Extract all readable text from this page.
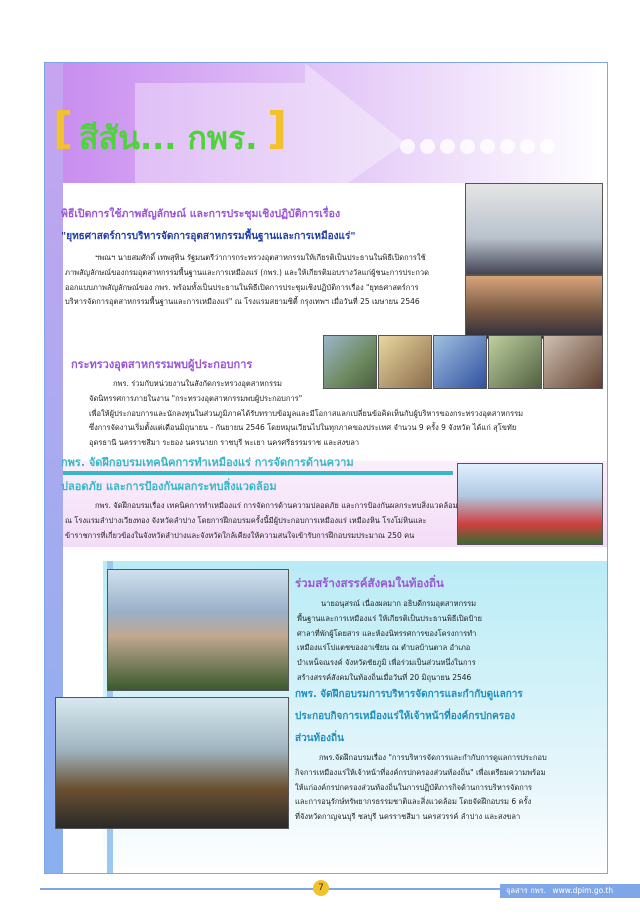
[ สีสัน... กพร. ]
พิธีเปิดการใช้ภาพสัญลักษณ์ และการประชุมเชิงปฏิบัติการเรื่อง
"ยุทธศาสตร์การบริหารจัดการอุตสาหกรรมพื้นฐานและการเหมืองแร่"
ฯพณฯ นายสมศักดิ์ เทพสุทิน รัฐมนตรีว่าการกระทรวงอุตสาหกรรมให้เกียรติเป็นประธานในพิธีเปิดการใช้
ภาพสัญลักษณ์ของกรมอุตสาหกรรมพื้นฐานและการเหมืองแร่ (กพร.) และให้เกียรติมอบรางวัลแก่ผู้ชนะการประกวด
ออกแบบภาพสัญลักษณ์ของ กพร. พร้อมทั้งเป็นประธานในพิธีเปิดการประชุมเชิงปฏิบัติการเรื่อง "ยุทธศาสตร์การ
บริหารจัดการอุตสาหกรรมพื้นฐานและการเหมืองแร่" ณ โรงแรมสยามซิตี้ กรุงเทพฯ เมื่อวันที่ 25 เมษายน 2546
กระทรวงอุตสาหกรรมพบผู้ประกอบการ
กพร. ร่วมกับหน่วยงานในสังกัดกระทรวงอุตสาหกรรม
จัดนิทรรศการภายในงาน "กระทรวงอุตสาหกรรมพบผู้ประกอบการ"
เพื่อให้ผู้ประกอบการและนักลงทุนในส่วนภูมิภาคได้รับทราบข้อมูลและมีโอกาสแลกเปลี่ยนข้อคิดเห็นกับผู้บริหารของกระทรวงอุตสาหกรรม
ซึ่งการจัดงานเริ่มตั้งแต่เดือนมิถุนายน - กันยายน 2546 โดยหมุนเวียนไปในทุกภาคของประเทศ จำนวน 9 ครั้ง 9 จังหวัด ได้แก่ สุโขทัย
อุดรธานี นครราชสีมา ระยอง นครนายก ราชบุรี พะเยา นครศรีธรรมราช และสงขลา
กพร. จัดฝึกอบรมเทคนิคการทำเหมืองแร่ การจัดการด้านความ
ปลอดภัย และการป้องกันผลกระทบสิ่งแวดล้อม
กพร. จัดฝึกอบรมเรื่อง เทคนิคการทำเหมืองแร่ การจัดการด้านความปลอดภัย และการป้องกันผลกระทบสิ่งแวดล้อม
ณ โรงแรมลำปางเวียงทอง จังหวัดลำปาง โดยการฝึกอบรมครั้งนี้มีผู้ประกอบการเหมืองแร่ เหมืองหิน โรงโม่หินและ
ข้าราชการที่เกี่ยวข้องในจังหวัดลำปางและจังหวัดใกล้เคียงให้ความสนใจเข้ารับการฝึกอบรมประมาณ 250 คน
ร่วมสร้างสรรค์สังคมในท้องถิ่น
นายอนุสรณ์ เนื่องผลมาก อธิบดีกรมอุตสาหกรรม
พื้นฐานและการเหมืองแร่ ให้เกียรติเป็นประธานพิธีเปิดป้าย
ศาลาที่พักผู้โดยสาร และห้องนิทรรศการของโครงการทำ
เหมืองแร่โปแตชของอาเซียน ณ ตำบลบ้านตาล อำเภอ
บำเหน็จณรงค์ จังหวัดชัยภูมิ เพื่อร่วมเป็นส่วนหนึ่งในการ
สร้างสรรค์สังคมในท้องถิ่นเมื่อวันที่ 20 มิถุนายน 2546
กพร. จัดฝึกอบรมการบริหารจัดการและกำกับดูแลการ
ประกอบกิจการเหมืองแร่ให้เจ้าหน้าที่องค์กรปกครอง
ส่วนท้องถิ่น
กพร.จัดฝึกอบรมเรื่อง "การบริหารจัดการและกำกับการดูแลการประกอบ
กิจการเหมืองแร่ให้เจ้าหน้าที่องค์กรปกครองส่วนท้องถิ่น" เพื่อเตรียมความพร้อม
ให้แก่องค์กรปกครองส่วนท้องถิ่นในการปฏิบัติภารกิจด้านการบริหารจัดการ
และการอนุรักษ์ทรัพยากรธรรมชาติและสิ่งแวดล้อม โดยจัดฝึกอบรม 6 ครั้ง
ที่จังหวัดกาญจนบุรี ชลบุรี นครราชสีมา นครสวรรค์ ลำปาง และสงขลา
7	จุลสาร กพร. www.dpim.go.th
